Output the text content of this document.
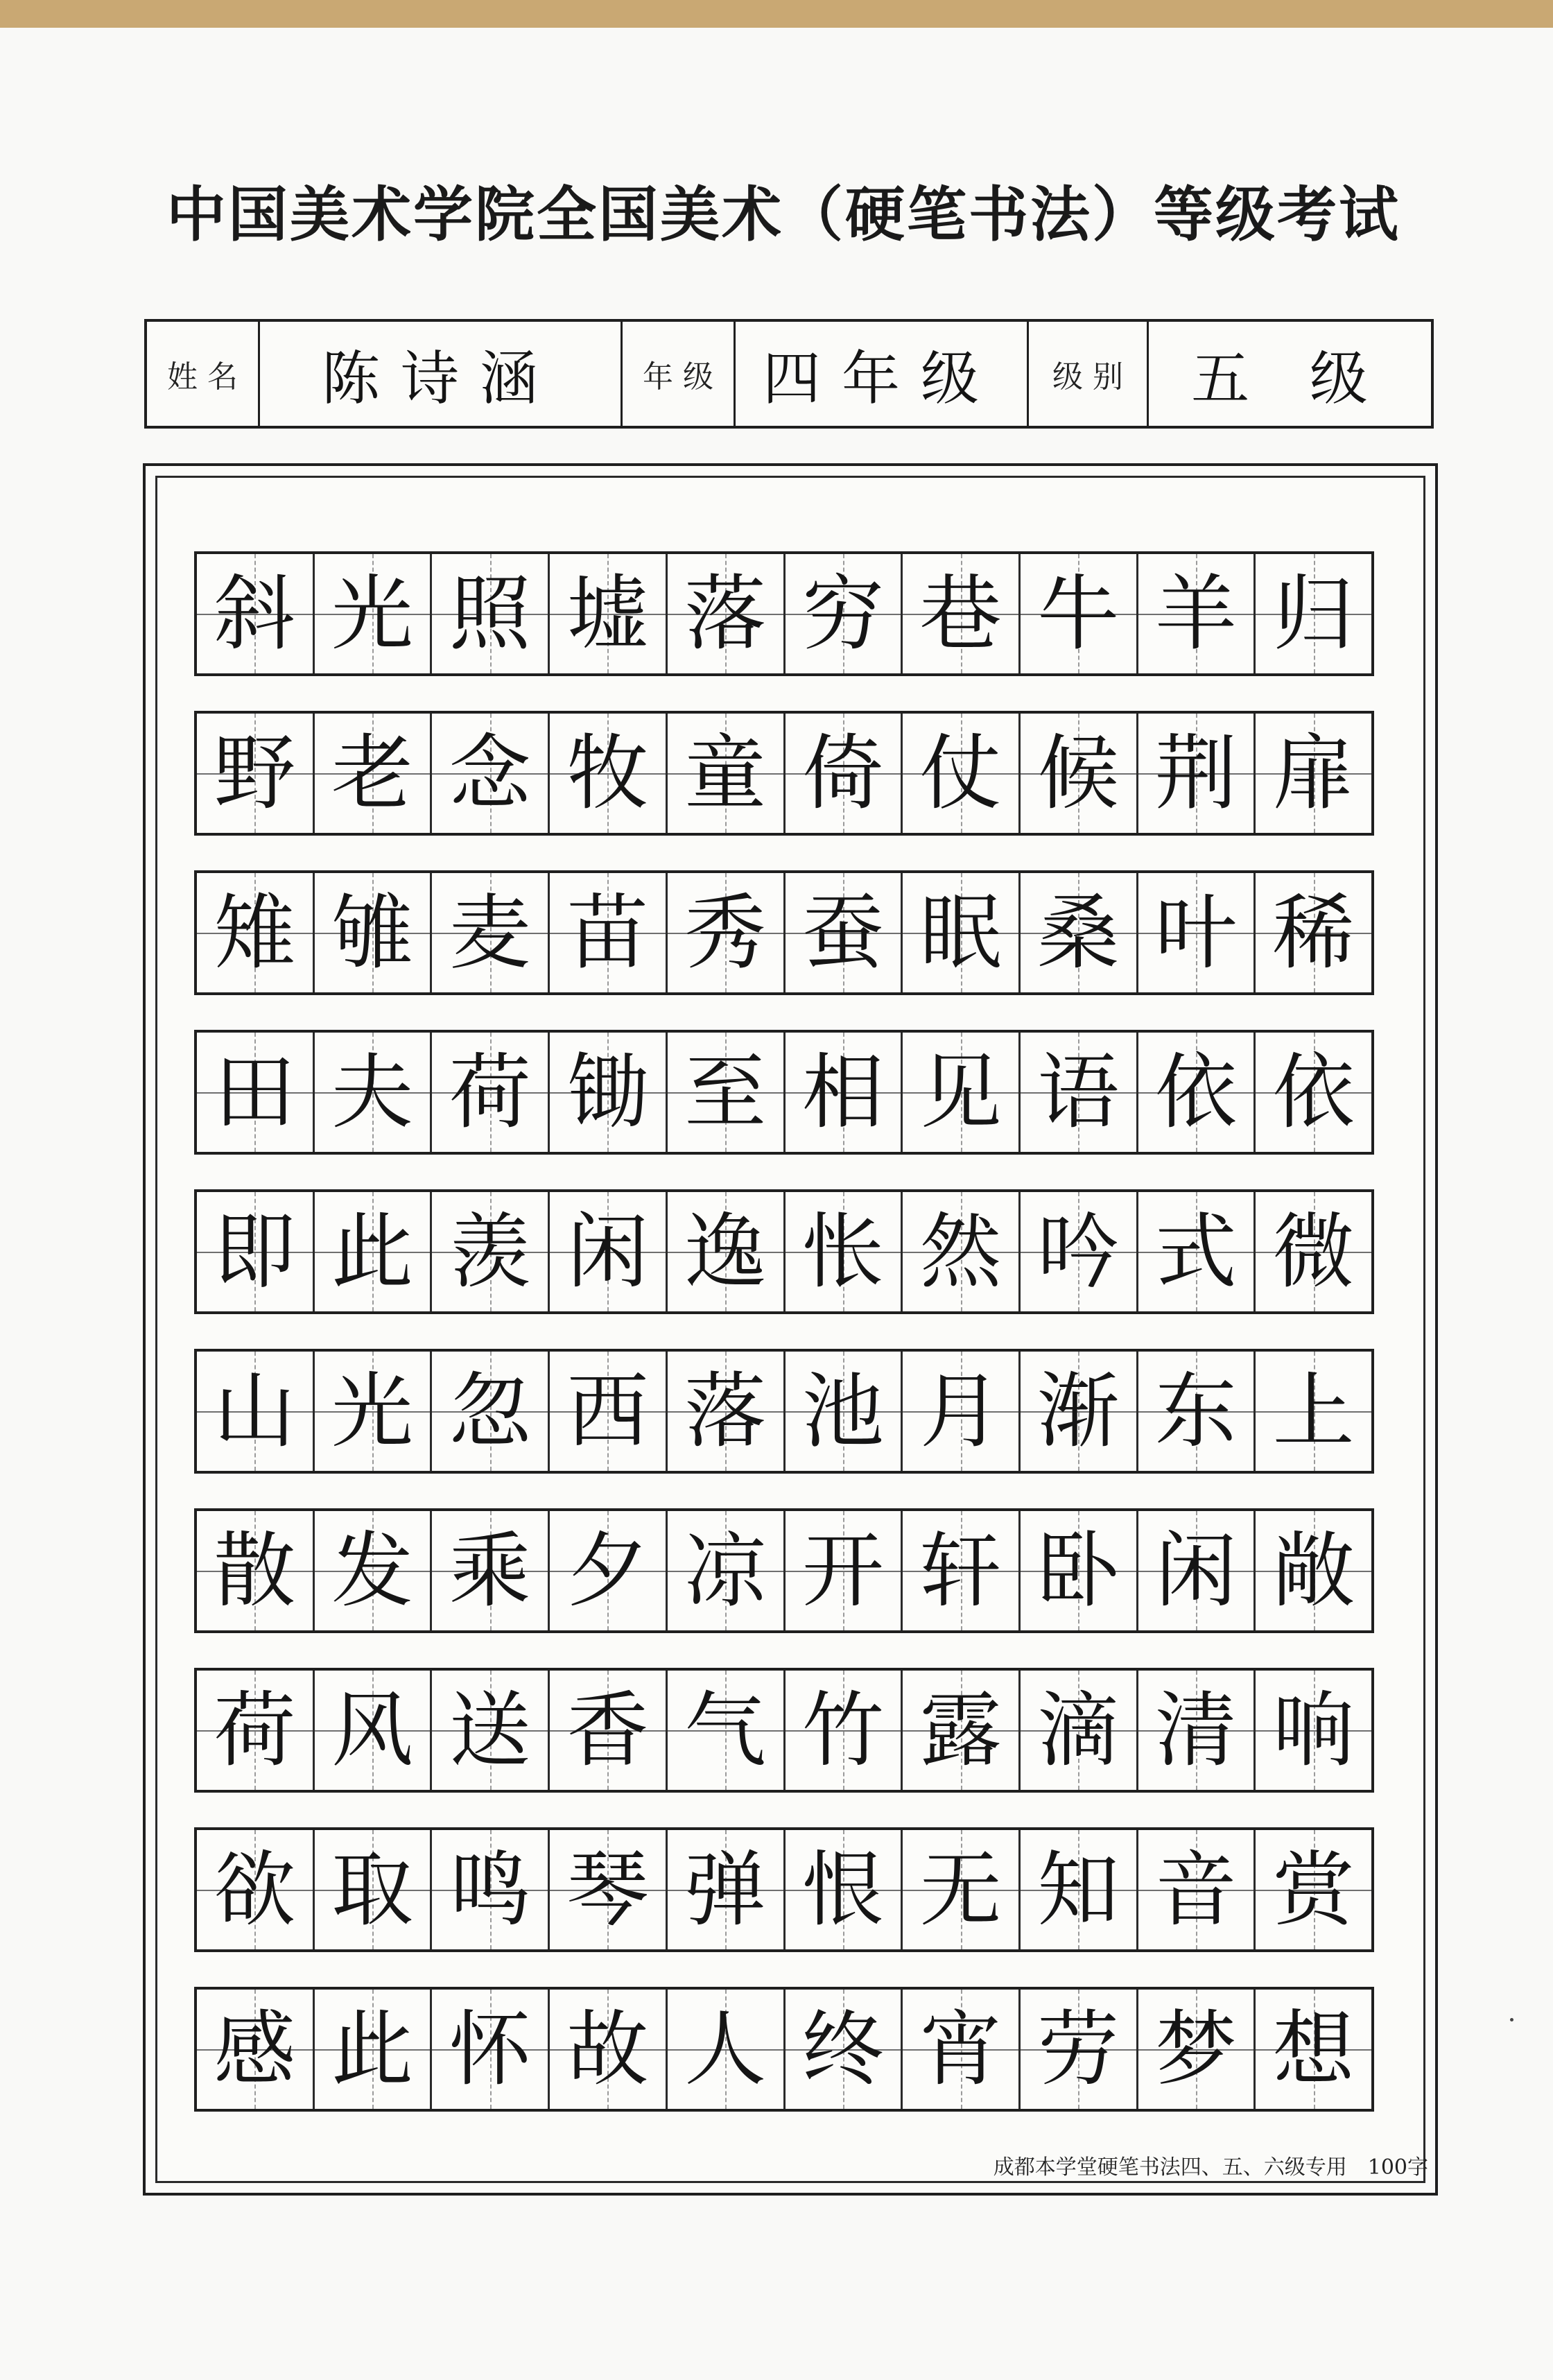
中国美术学院全国美术（硬笔书法）等级考试
姓 名 陈诗涵	年 级 四年级 级 别 五 级
斜 光 照 墟 落 穷 巷 牛 羊 归
野 老 念 牧 童 倚 仗 候 荆 扉
雉 雊 麦 苗 秀 蚕 眠 桑 叶 稀
田 夫 荷 锄 至 相 见 语 依 依
即 此 羡 闲 逸 怅 然 吟 式 微
山 光 忽 西 落 池 月 渐 东 上
散 发 乘 夕 凉 开 轩 卧 闲 敞
荷 风 送 香 气 竹 露 滴 清 响
欲 取 鸣 琴 弹 恨 无 知 音 赏
感 此 怀 故 人 终 宵 劳 梦 想
成都本学堂硬笔书法四、五、六级专用　100字
